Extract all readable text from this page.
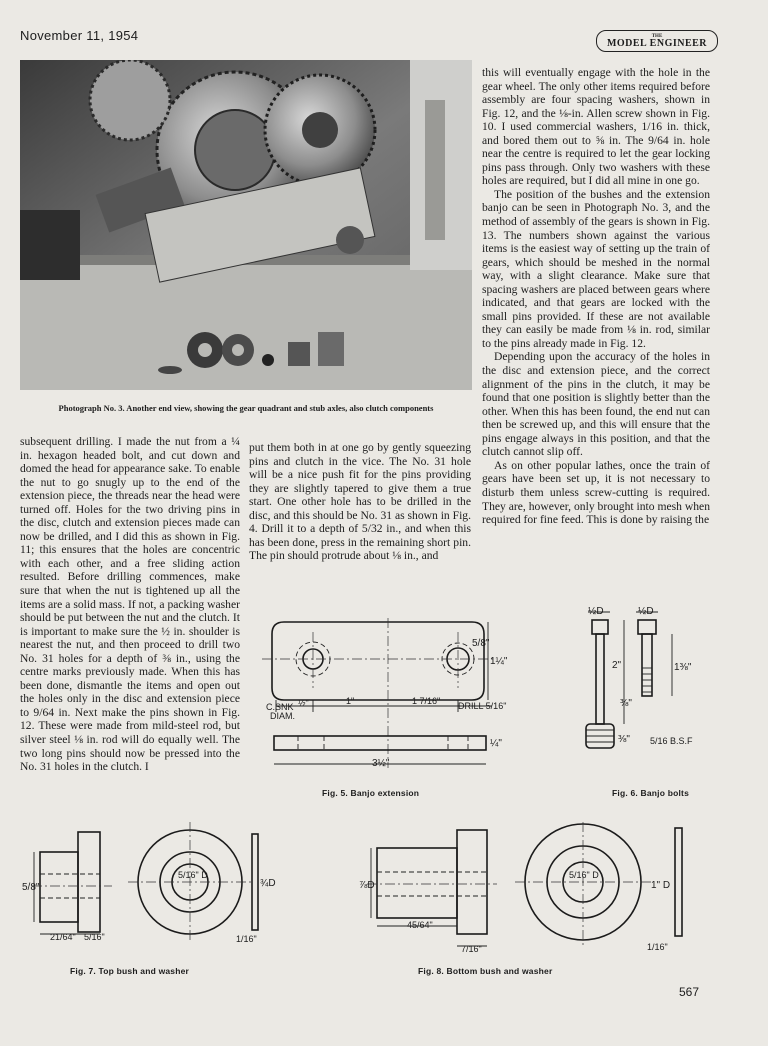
November 11, 1954	THE
MODEL ENGINEER
Photograph No. 3. Another end view, showing the gear quadrant and stub axles, also clutch components

subsequent drilling. I made the nut from a ¼ in. hexagon headed bolt, and cut down and domed the head for appearance sake. To enable the nut to go snugly up to the end of the extension piece, the threads near the head were turned off. Holes for the two driving pins in the disc, clutch and extension pieces made can now be drilled, and I did this as shown in Fig. 11; this ensures that the holes are concentric with each other, and a free sliding action resulted. Before drilling commences, make sure that when the nut is tightened up all the items are a solid mass. If not, a packing washer should be put between the nut and the clutch. It is important to make sure the ½ in. shoulder is nearest the nut, and then proceed to drill two No. 31 holes for a depth of ⅜ in., using the centre marks previously made. When this has been done, dismantle the items and open out the holes only in the disc and extension piece to 9/64 in. Next make the pins shown in Fig. 12. These were made from mild-steel rod, but silver steel ⅛ in. rod will do equally well. The two long pins should now be pressed into the No. 31 holes in the clutch. I

put them both in at one go by gently squeezing pins and clutch in the vice. The No. 31 hole will be a nice push fit for the pins providing they are slightly tapered to give them a true start. One other hole has to be drilled in the disc, and this should be No. 31 as shown in Fig. 4. Drill it to a depth of 5/32 in., and when this has been done, press in the remaining short pin. The pin should protrude about ⅛ in., and

this will eventually engage with the hole in the gear wheel. The only other items required before assembly are four spacing washers, shown in Fig. 12, and the ⅛-in. Allen screw shown in Fig. 10. I used commercial washers, 1/16 in. thick, and bored them out to ⅝ in. The 9/64 in. hole near the centre is required to let the gear locking pins pass through. Only two washers with these holes are required, but I did all mine in one go.

The position of the bushes and the extension banjo can be seen in Photograph No. 3, and the method of assembly of the gears is shown in Fig. 13. The numbers shown against the various items is the easiest way of setting up the train of gears, which should be meshed in the normal way, with a slight clearance. Make sure that spacing washers are placed between gears where indicated, and that gears are locked with the small pins provided. If these are not available they can easily be made from ⅛ in. rod, similar to the pins already made in Fig. 12.

Depending upon the accuracy of the holes in the disc and extension piece, and the correct alignment of the pins in the clutch, it may be found that one position is slightly better than the other. When this has been found, the end nut can then be screwed up, and this will ensure that the pins engage always in this position, and that the clutch cannot slip off.

As on other popular lathes, once the train of gears have been set up, it is not necessary to disturb them unless screw-cutting is required. They are, however, only brought into mesh when required for fine feed. This is done by raising the

5/8"
1¼"
C.SNK
DIAM.
½"	1"	1 7/16" DRILL 5/16"
3½"
¼"
Fig. 5. Banjo extension
½D	½D
2"	1⅜"
⅜"
⅜" 5/16 B.S.F
Fig. 6. Banjo bolts
5/8"
21/64" 5/16"
5/16" D
¾D
1/16"
Fig. 7. Top bush and washer
⅞D
45/64"
7/16"
5/16" D
1" D
1/16"
Fig. 8. Bottom bush and washer
567
